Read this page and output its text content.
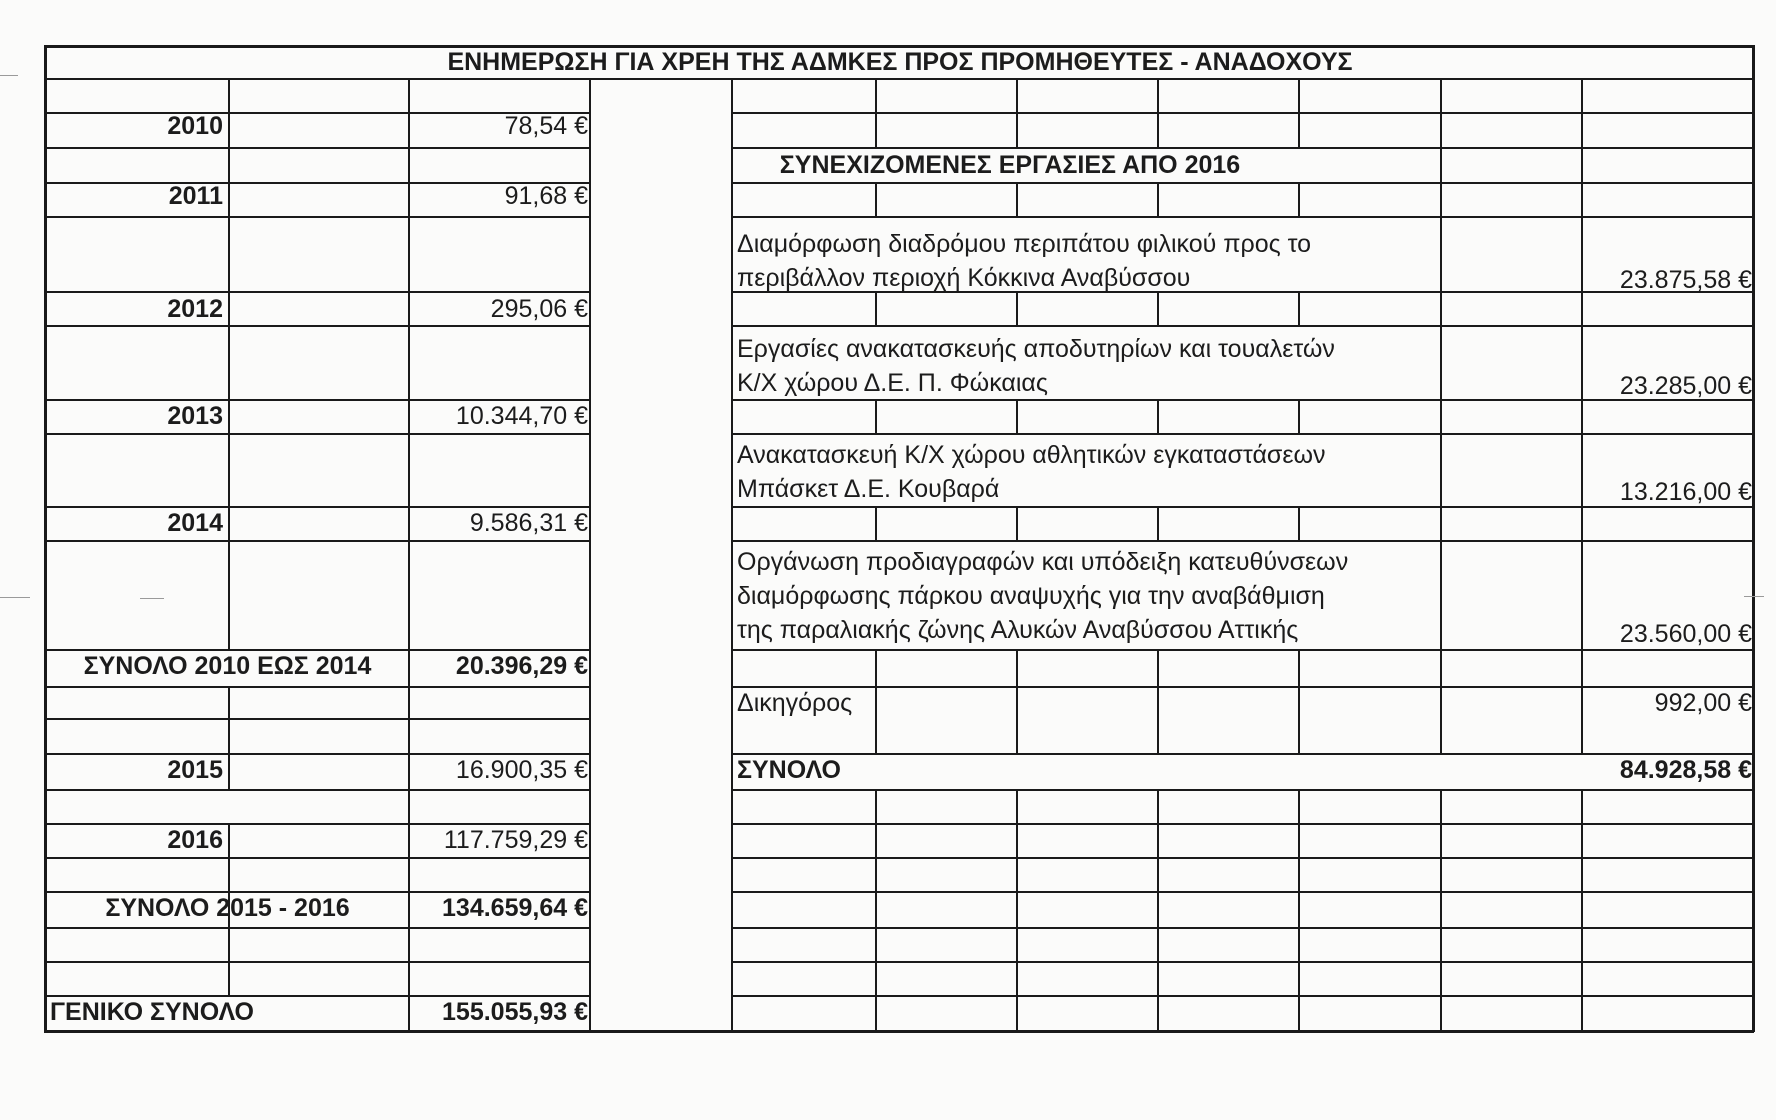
ΕΝΗΜΕΡΩΣΗ ΓΙΑ ΧΡΕΗ ΤΗΣ ΑΔΜΚΕΣ ΠΡΟΣ ΠΡΟΜΗΘΕΥΤΕΣ - ΑΝΑΔΟΧΟΥΣ
2010	78,54 €
2011	91,68 €
2012	295,06 €
2013	10.344,70 €
2014	9.586,31 €
ΣΥΝΟΛΟ 2010 ΕΩΣ 2014	20.396,29 €
2015	16.900,35 €
2016	117.759,29 €
ΣΥΝΟΛΟ 2015 - 2016	134.659,64 €
ΓΕΝΙΚΟ ΣΥΝΟΛΟ	155.055,93 €
ΣΥΝΕΧΙΖΟΜΕΝΕΣ ΕΡΓΑΣΙΕΣ ΑΠΟ 2016
Διαμόρφωση διαδρόμου περιπάτου φιλικού προς το
περιβάλλον περιοχή Κόκκινα Αναβύσσου	23.875,58 €
Εργασίες ανακατασκευής αποδυτηρίων και τουαλετών
Κ/Χ χώρου Δ.Ε. Π. Φώκαιας	23.285,00 €
Ανακατασκευή Κ/Χ χώρου αθλητικών εγκαταστάσεων
Μπάσκετ Δ.Ε. Κουβαρά	13.216,00 €
Οργάνωση προδιαγραφών και υπόδειξη κατευθύνσεων
διαμόρφωσης πάρκου αναψυχής για την αναβάθμιση
της παραλιακής ζώνης Αλυκών Αναβύσσου Αττικής	23.560,00 €
Δικηγόρος	992,00 €
ΣΥΝΟΛΟ	84.928,58 €
